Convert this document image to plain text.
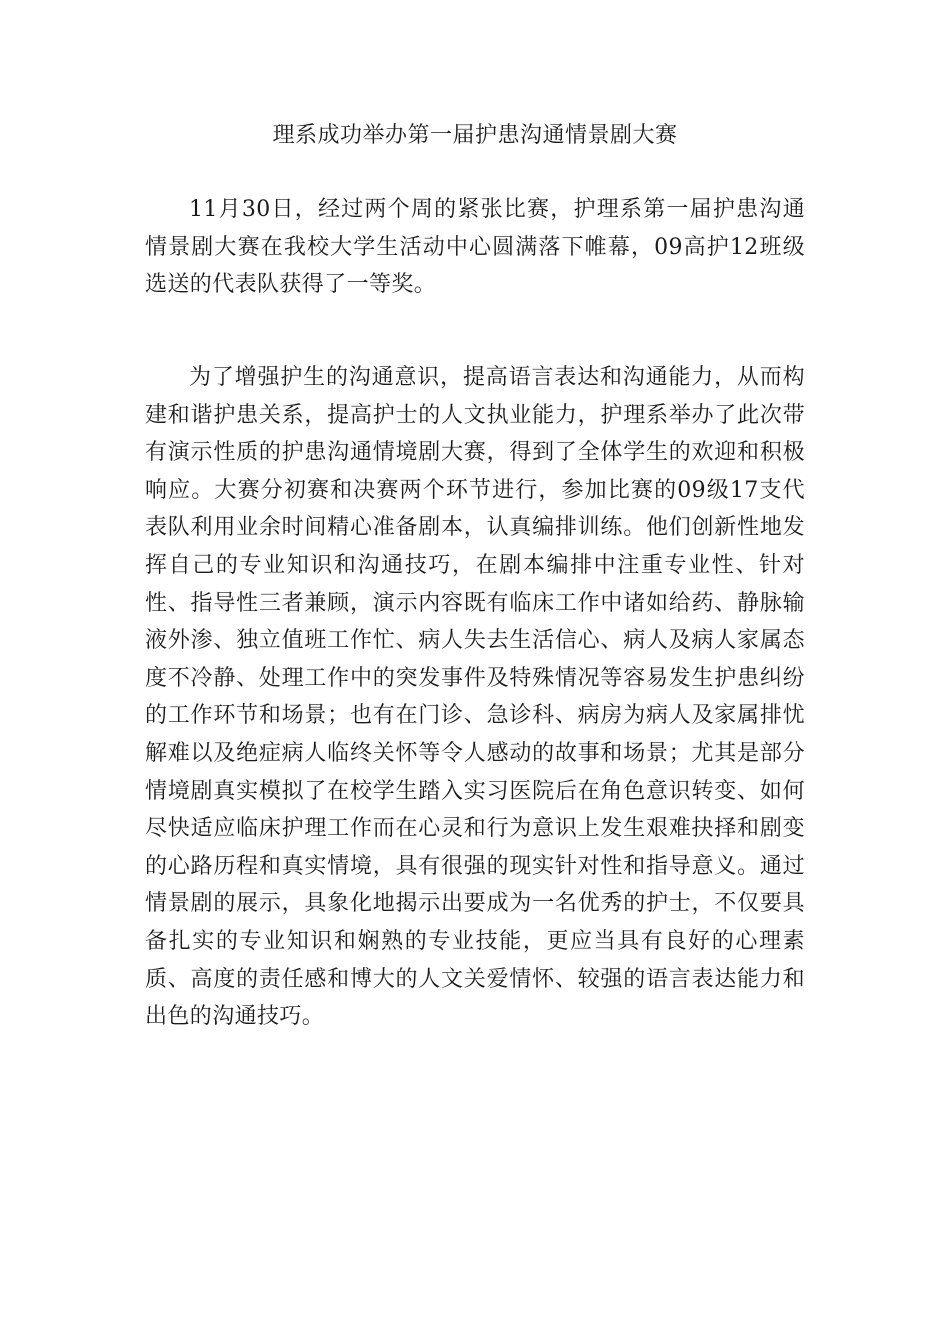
理系成功举办第一届护患沟通情景剧大赛

11月30日，经过两个周的紧张比赛，护理系第一届护患沟通情景剧大赛在我校大学生活动中心圆满落下帷幕，09高护12班级选送的代表队获得了一等奖。

为了增强护生的沟通意识，提高语言表达和沟通能力，从而构建和谐护患关系，提高护士的人文执业能力，护理系举办了此次带有演示性质的护患沟通情境剧大赛，得到了全体学生的欢迎和积极响应。大赛分初赛和决赛两个环节进行，参加比赛的09级17支代表队利用业余时间精心准备剧本，认真编排训练。他们创新性地发挥自己的专业知识和沟通技巧，在剧本编排中注重专业性、针对性、指导性三者兼顾，演示内容既有临床工作中诸如给药、静脉输液外渗、独立值班工作忙、病人失去生活信心、病人及病人家属态度不冷静、处理工作中的突发事件及特殊情况等容易发生护患纠纷的工作环节和场景；也有在门诊、急诊科、病房为病人及家属排忧解难以及绝症病人临终关怀等令人感动的故事和场景；尤其是部分情境剧真实模拟了在校学生踏入实习医院后在角色意识转变、如何尽快适应临床护理工作而在心灵和行为意识上发生艰难抉择和剧变的心路历程和真实情境，具有很强的现实针对性和指导意义。通过情景剧的展示，具象化地揭示出要成为一名优秀的护士，不仅要具备扎实的专业知识和娴熟的专业技能，更应当具有良好的心理素质、高度的责任感和博大的人文关爱情怀、较强的语言表达能力和出色的沟通技巧。
